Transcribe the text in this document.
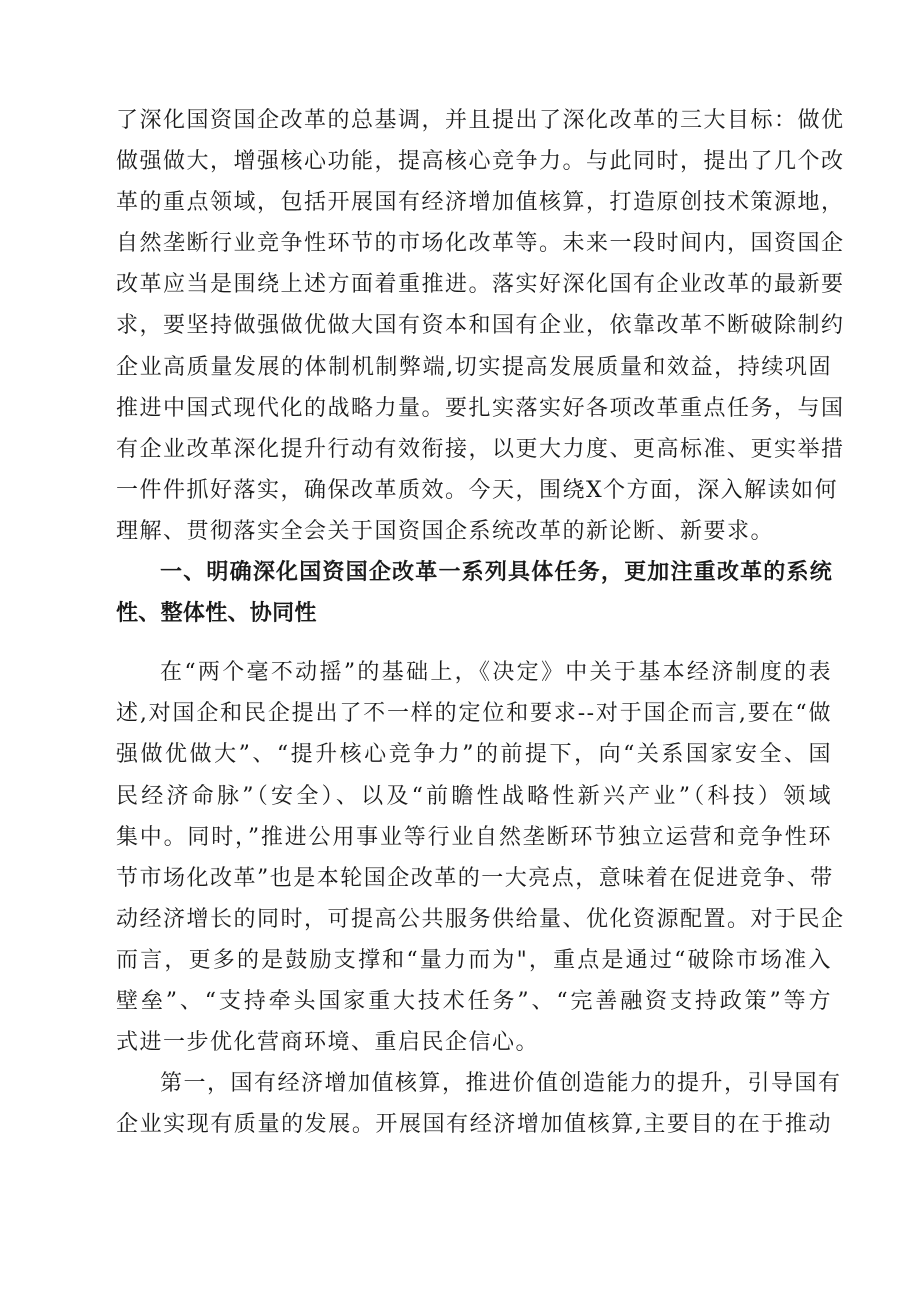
了深化国资国企改革的总基调，并且提出了深化改革的三大目标：做优
做强做大，增强核心功能，提高核心竞争力。与此同时，提出了几个改
革的重点领域，包括开展国有经济增加值核算，打造原创技术策源地，
自然垄断行业竞争性环节的市场化改革等。未来一段时间内，国资国企
改革应当是围绕上述方面着重推进。落实好深化国有企业改革的最新要
求，要坚持做强做优做大国有资本和国有企业，依靠改革不断破除制约
企业高质量发展的体制机制弊端,切实提高发展质量和效益，持续巩固
推进中国式现代化的战略力量。要扎实落实好各项改革重点任务，与国
有企业改革深化提升行动有效衔接，以更大力度、更高标准、更实举措
一件件抓好落实，确保改革质效。今天，围绕X个方面，深入解读如何
理解、贯彻落实全会关于国资国企系统改革的新论断、新要求。
一、明确深化国资国企改革一系列具体任务，更加注重改革的系统
性、整体性、协同性
在“两个毫不动摇”的基础上，《决定》中关于基本经济制度的表
述,对国企和民企提出了不一样的定位和要求--对于国企而言,要在“做
强做优做大”、“提升核心竞争力”的前提下，向“关系国家安全、国
民经济命脉”（安全）、以及“前瞻性战略性新兴产业”（科技）领域
集中。同时，”推进公用事业等行业自然垄断环节独立运营和竞争性环
节市场化改革”也是本轮国企改革的一大亮点，意味着在促进竞争、带
动经济增长的同时，可提高公共服务供给量、优化资源配置。对于民企
而言，更多的是鼓励支撑和“量力而为"，重点是通过“破除市场准入
壁垒”、“支持牵头国家重大技术任务”、“完善融资支持政策”等方
式进一步优化营商环境、重启民企信心。
第一，国有经济增加值核算，推进价值创造能力的提升，引导国有
企业实现有质量的发展。开展国有经济增加值核算,主要目的在于推动
